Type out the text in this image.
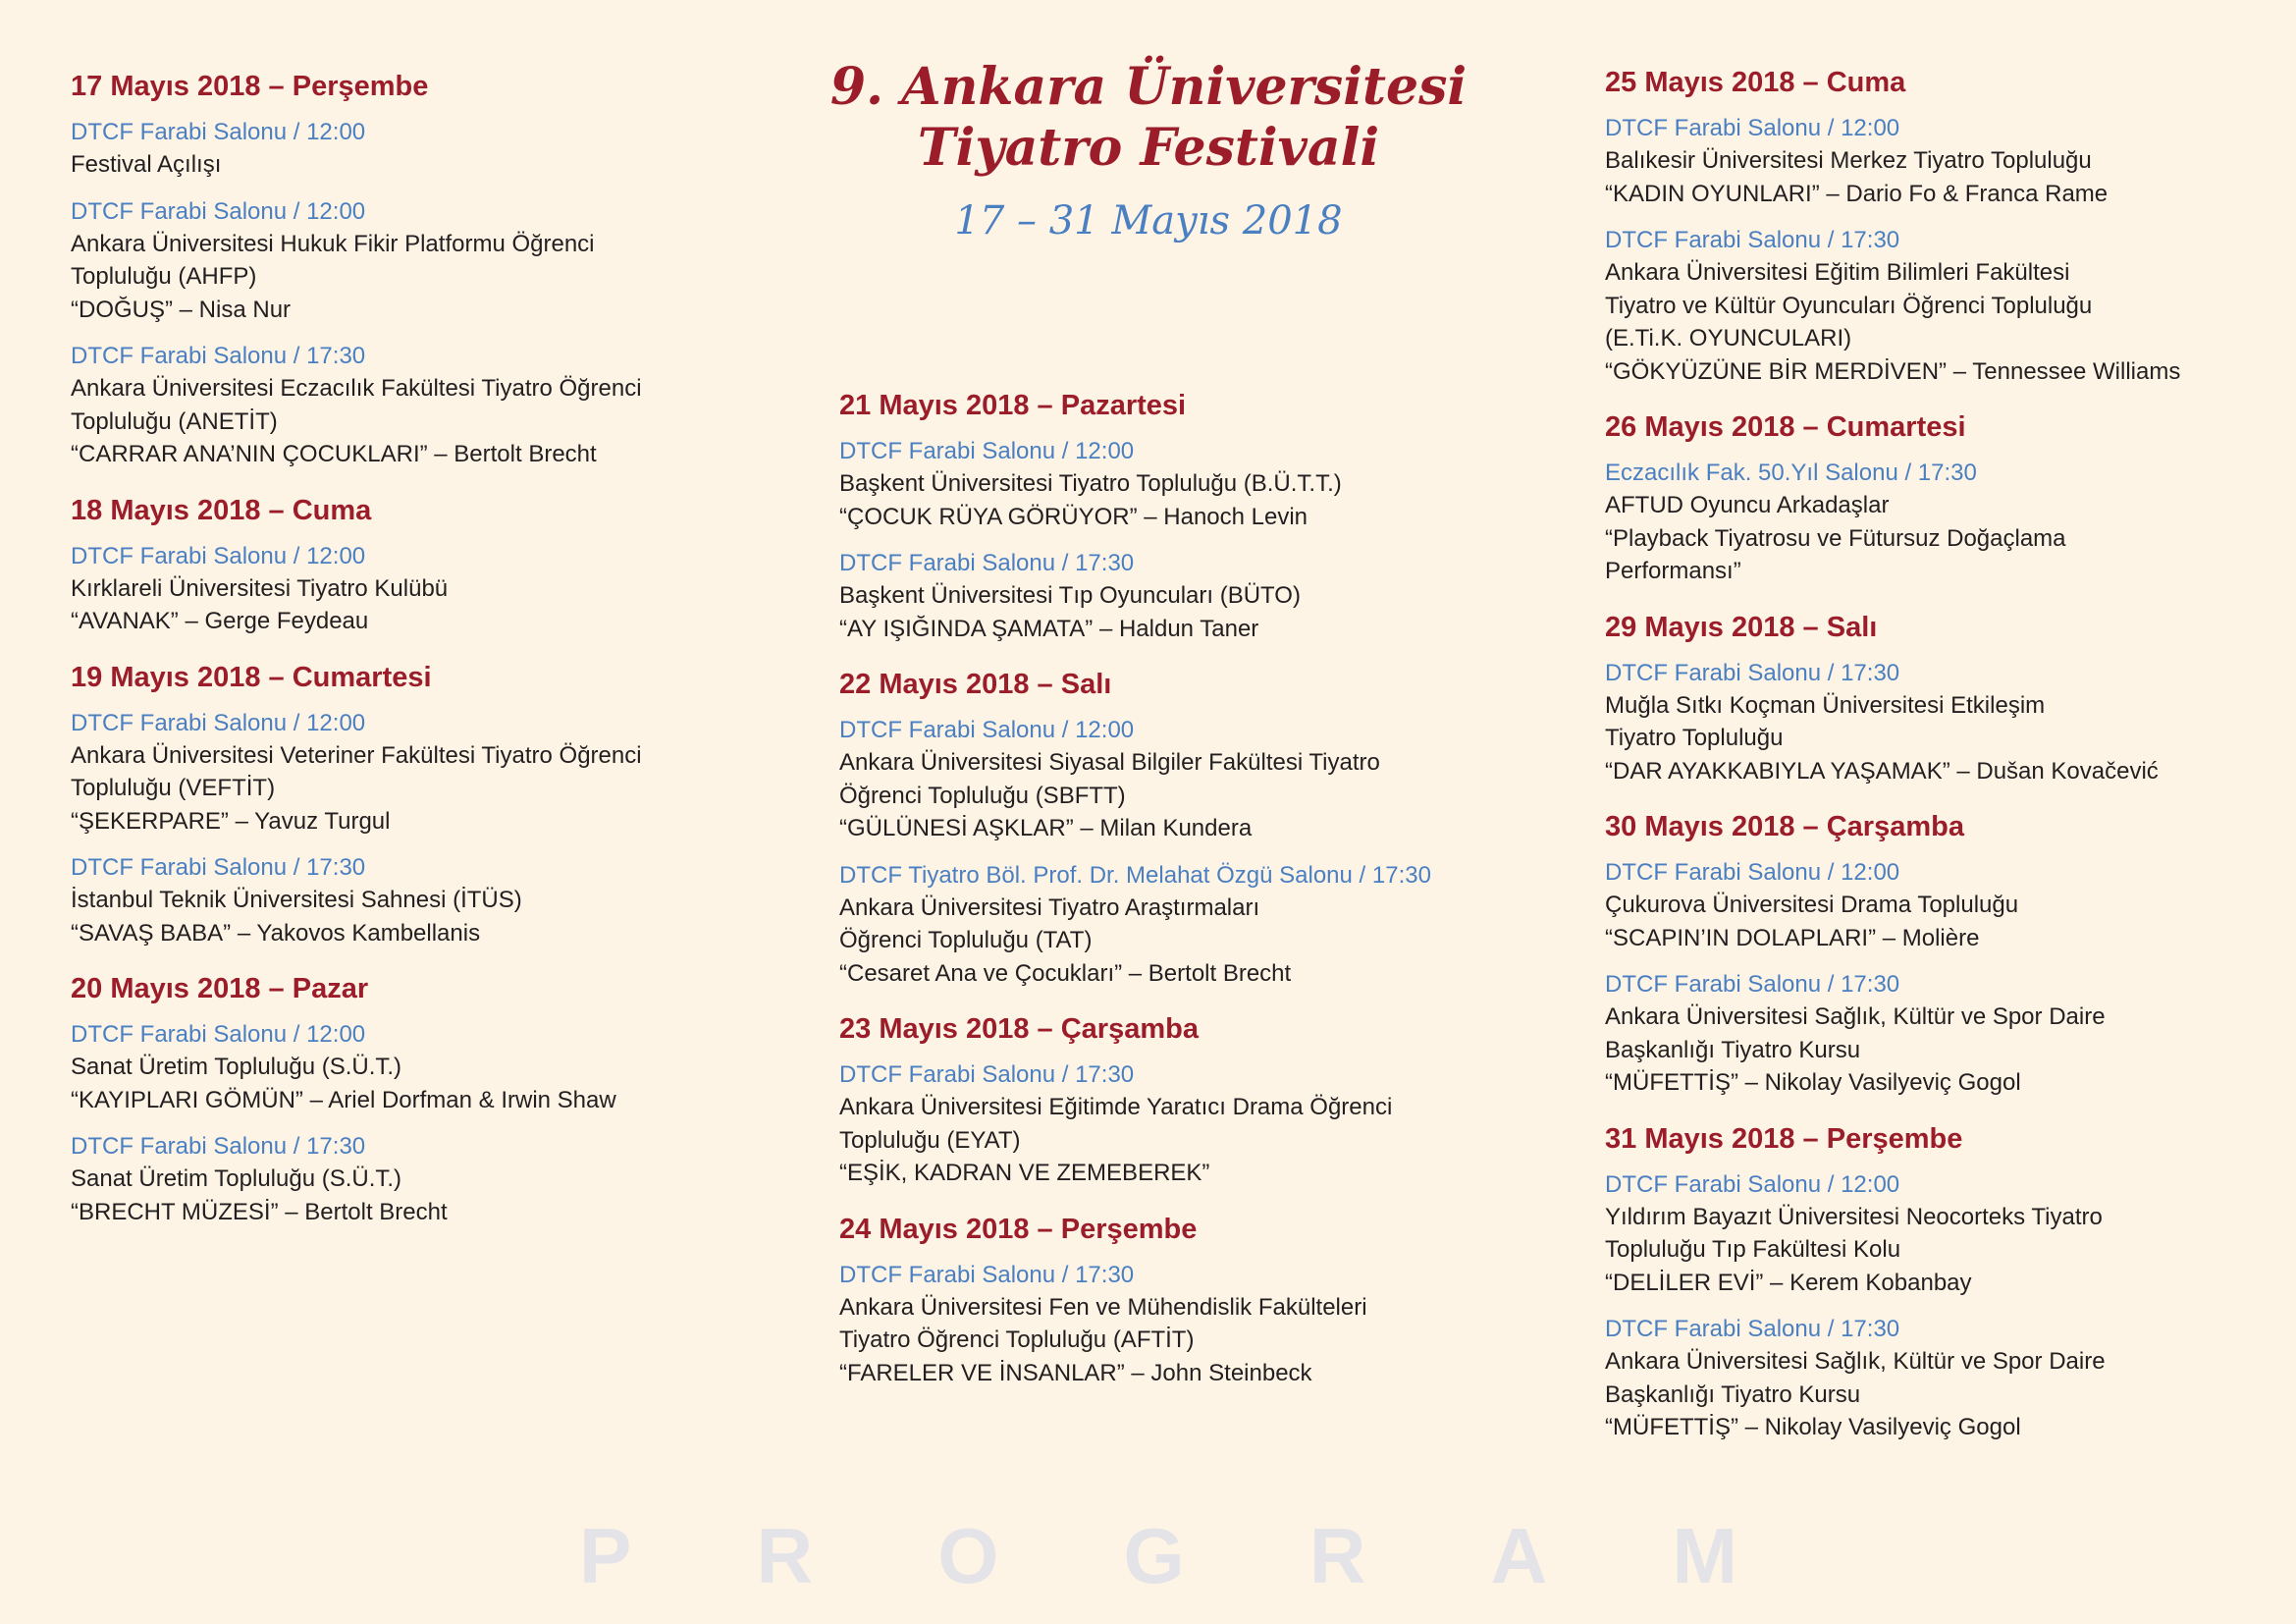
9. Ankara Üniversitesi
Tiyatro Festivali
17 – 31 Mayıs 2018
17 Mayıs 2018 – Perşembe
DTCF Farabi Salonu / 12:00
Festival Açılışı
DTCF Farabi Salonu / 12:00
Ankara Üniversitesi Hukuk Fikir Platformu Öğrenci
Topluluğu (AHFP)
“DOĞUŞ” – Nisa Nur
DTCF Farabi Salonu / 17:30
Ankara Üniversitesi Eczacılık Fakültesi Tiyatro Öğrenci
Topluluğu (ANETİT)
“CARRAR ANA’NIN ÇOCUKLARI” – Bertolt Brecht
18 Mayıs 2018 – Cuma
DTCF Farabi Salonu / 12:00
Kırklareli Üniversitesi Tiyatro Kulübü
“AVANAK” – Gerge Feydeau
19 Mayıs 2018 – Cumartesi
DTCF Farabi Salonu / 12:00
Ankara Üniversitesi Veteriner Fakültesi Tiyatro Öğrenci
Topluluğu (VEFTİT)
“ŞEKERPARE” – Yavuz Turgul
DTCF Farabi Salonu / 17:30
İstanbul Teknik Üniversitesi Sahnesi (İTÜS)
“SAVAŞ BABA” – Yakovos Kambellanis
20 Mayıs 2018 – Pazar
DTCF Farabi Salonu / 12:00
Sanat Üretim Topluluğu (S.Ü.T.)
“KAYIPLARI GÖMÜN” – Ariel Dorfman & Irwin Shaw
DTCF Farabi Salonu / 17:30
Sanat Üretim Topluluğu (S.Ü.T.)
“BRECHT MÜZESİ” – Bertolt Brecht
21 Mayıs 2018 – Pazartesi
DTCF Farabi Salonu / 12:00
Başkent Üniversitesi Tiyatro Topluluğu (B.Ü.T.T.)
“ÇOCUK RÜYA GÖRÜYOR” – Hanoch Levin
DTCF Farabi Salonu / 17:30
Başkent Üniversitesi Tıp Oyuncuları (BÜTO)
“AY IŞIĞINDA ŞAMATA” – Haldun Taner
22 Mayıs 2018 – Salı
DTCF Farabi Salonu / 12:00
Ankara Üniversitesi Siyasal Bilgiler Fakültesi Tiyatro
Öğrenci Topluluğu (SBFTT)
“GÜLÜNESİ AŞKLAR” – Milan Kundera
DTCF Tiyatro Böl. Prof. Dr. Melahat Özgü Salonu / 17:30
Ankara Üniversitesi Tiyatro Araştırmaları
Öğrenci Topluluğu (TAT)
“Cesaret Ana ve Çocukları” – Bertolt Brecht
23 Mayıs 2018 – Çarşamba
DTCF Farabi Salonu / 17:30
Ankara Üniversitesi Eğitimde Yaratıcı Drama Öğrenci
Topluluğu (EYAT)
“EŞİK, KADRAN VE ZEMEBEREK”
24 Mayıs 2018 – Perşembe
DTCF Farabi Salonu / 17:30
Ankara Üniversitesi Fen ve Mühendislik Fakülteleri
Tiyatro Öğrenci Topluluğu (AFTİT)
“FARELER VE İNSANLAR” – John Steinbeck
25 Mayıs 2018 – Cuma
DTCF Farabi Salonu / 12:00
Balıkesir Üniversitesi Merkez Tiyatro Topluluğu
“KADIN OYUNLARI” – Dario Fo & Franca Rame
DTCF Farabi Salonu / 17:30
Ankara Üniversitesi Eğitim Bilimleri Fakültesi
Tiyatro ve Kültür Oyuncuları Öğrenci Topluluğu
(E.Ti.K. OYUNCULARI)
“GÖKYÜZÜNE BİR MERDİVEN” – Tennessee Williams
26 Mayıs 2018 – Cumartesi
Eczacılık Fak. 50.Yıl Salonu / 17:30
AFTUD Oyuncu Arkadaşlar
“Playback Tiyatrosu ve Fütursuz Doğaçlama
Performansı”
29 Mayıs 2018 – Salı
DTCF Farabi Salonu / 17:30
Muğla Sıtkı Koçman Üniversitesi Etkileşim
Tiyatro Topluluğu
“DAR AYAKKABIYLA YAŞAMAK” – Dušan Kovačević
30 Mayıs 2018 – Çarşamba
DTCF Farabi Salonu / 12:00
Çukurova Üniversitesi Drama Topluluğu
“SCAPIN’IN DOLAPLARI” – Molière
DTCF Farabi Salonu / 17:30
Ankara Üniversitesi Sağlık, Kültür ve Spor Daire
Başkanlığı Tiyatro Kursu
“MÜFETTİŞ” – Nikolay Vasilyeviç Gogol
31 Mayıs 2018 – Perşembe
DTCF Farabi Salonu / 12:00
Yıldırım Bayazıt Üniversitesi Neocorteks Tiyatro
Topluluğu Tıp Fakültesi Kolu
“DELİLER EVİ” – Kerem Kobanbay
DTCF Farabi Salonu / 17:30
Ankara Üniversitesi Sağlık, Kültür ve Spor Daire
Başkanlığı Tiyatro Kursu
“MÜFETTİŞ” – Nikolay Vasilyeviç Gogol
P R O G R A M
